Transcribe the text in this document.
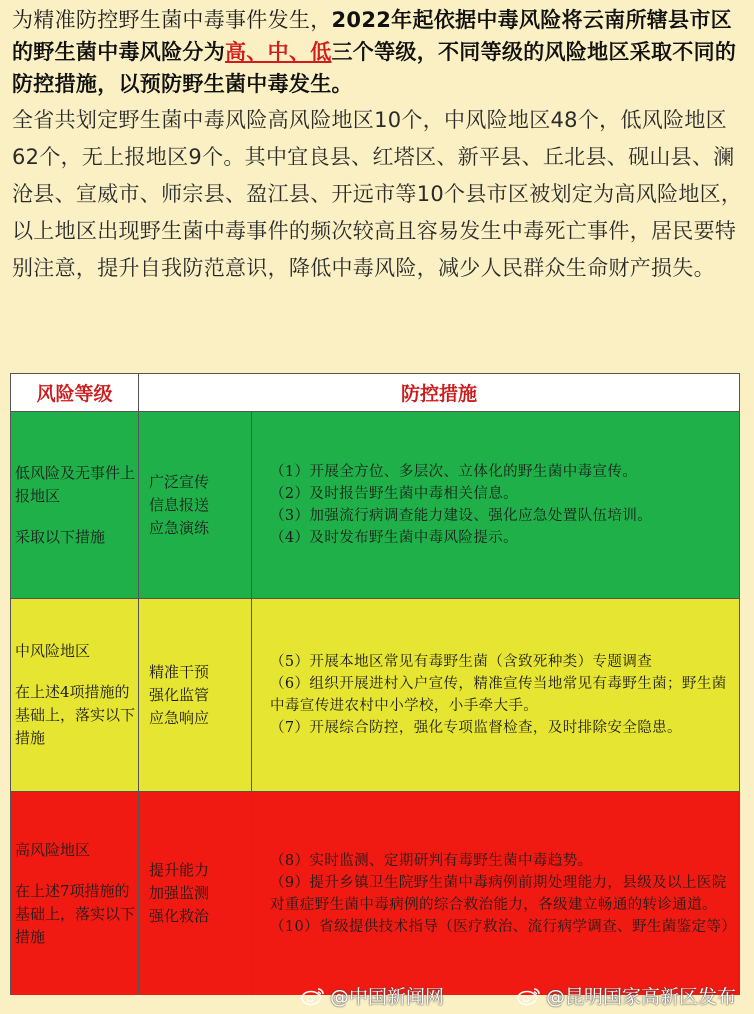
为精准防控野生菌中毒事件发生，2022年起依据中毒风险将云南所辖县市区的野生菌中毒风险分为高、中、低三个等级，不同等级的风险地区采取不同的防控措施，以预防野生菌中毒发生。

全省共划定野生菌中毒风险高风险地区10个，中风险地区48个，低风险地区62个，无上报地区9个。其中宜良县、红塔区、新平县、丘北县、砚山县、澜沧县、宣威市、师宗县、盈江县、开远市等10个县市区被划定为高风险地区，以上地区出现野生菌中毒事件的频次较高且容易发生中毒死亡事件，居民要特别注意，提升自我防范意识，降低中毒风险，减少人民群众生命财产损失。

风险等级	防控措施
低风险及无事件上报地区
采取以下措施
广泛宣传
信息报送
应急演练
（1）开展全方位、多层次、立体化的野生菌中毒宣传。
（2）及时报告野生菌中毒相关信息。
（3）加强流行病调查能力建设、强化应急处置队伍培训。
（4）及时发布野生菌中毒风险提示。
中风险地区
在上述4项措施的基础上，落实以下措施
精准干预
强化监管
应急响应
（5）开展本地区常见有毒野生菌（含致死种类）专题调查
（6）组织开展进村入户宣传，精准宣传当地常见有毒野生菌；野生菌中毒宣传进农村中小学校，小手牵大手。
（7）开展综合防控，强化专项监督检查，及时排除安全隐患。
高风险地区
在上述7项措施的基础上，落实以下措施
提升能力
加强监测
强化救治
（8）实时监测、定期研判有毒野生菌中毒趋势。
（9）提升乡镇卫生院野生菌中毒病例前期处理能力，县级及以上医院对重症野生菌中毒病例的综合救治能力，各级建立畅通的转诊通道。
（10）省级提供技术指导（医疗救治、流行病学调查、野生菌鉴定等）
@中国新闻网	@昆明国家高新区发布
